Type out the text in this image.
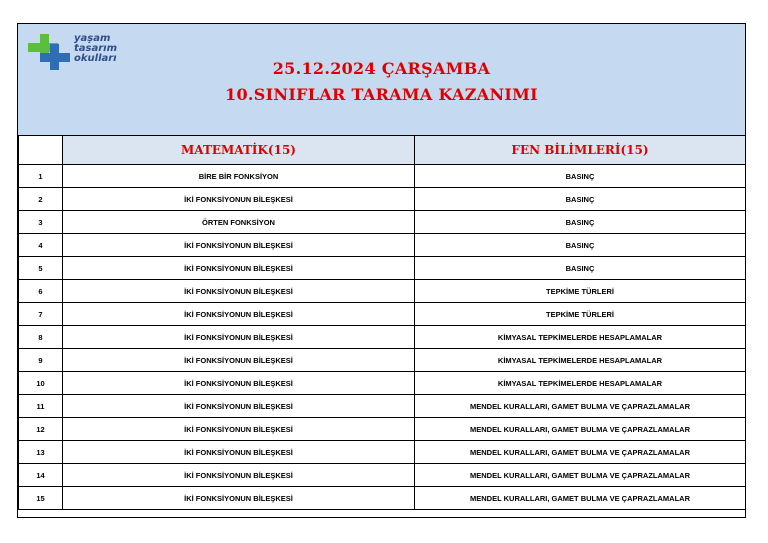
yaşam
tasarım
okulları
25.12.2024 ÇARŞAMBA
10.SINIFLAR TARAMA KAZANIMI
	MATEMATİK(15)	FEN BİLİMLERİ(15)
1	BİRE BİR FONKSİYON	BASINÇ
2	İKİ FONKSİYONUN BİLEŞKESİ	BASINÇ
3	ÖRTEN FONKSİYON	BASINÇ
4	İKİ FONKSİYONUN BİLEŞKESİ	BASINÇ
5	İKİ FONKSİYONUN BİLEŞKESİ	BASINÇ
6	İKİ FONKSİYONUN BİLEŞKESİ	TEPKİME TÜRLERİ
7	İKİ FONKSİYONUN BİLEŞKESİ	TEPKİME TÜRLERİ
8	İKİ FONKSİYONUN BİLEŞKESİ	KİMYASAL TEPKİMELERDE HESAPLAMALAR
9	İKİ FONKSİYONUN BİLEŞKESİ	KİMYASAL TEPKİMELERDE HESAPLAMALAR
10	İKİ FONKSİYONUN BİLEŞKESİ	KİMYASAL TEPKİMELERDE HESAPLAMALAR
11	İKİ FONKSİYONUN BİLEŞKESİ	MENDEL KURALLARI, GAMET BULMA VE ÇAPRAZLAMALAR
12	İKİ FONKSİYONUN BİLEŞKESİ	MENDEL KURALLARI, GAMET BULMA VE ÇAPRAZLAMALAR
13	İKİ FONKSİYONUN BİLEŞKESİ	MENDEL KURALLARI, GAMET BULMA VE ÇAPRAZLAMALAR
14	İKİ FONKSİYONUN BİLEŞKESİ	MENDEL KURALLARI, GAMET BULMA VE ÇAPRAZLAMALAR
15	İKİ FONKSİYONUN BİLEŞKESİ	MENDEL KURALLARI, GAMET BULMA VE ÇAPRAZLAMALAR
